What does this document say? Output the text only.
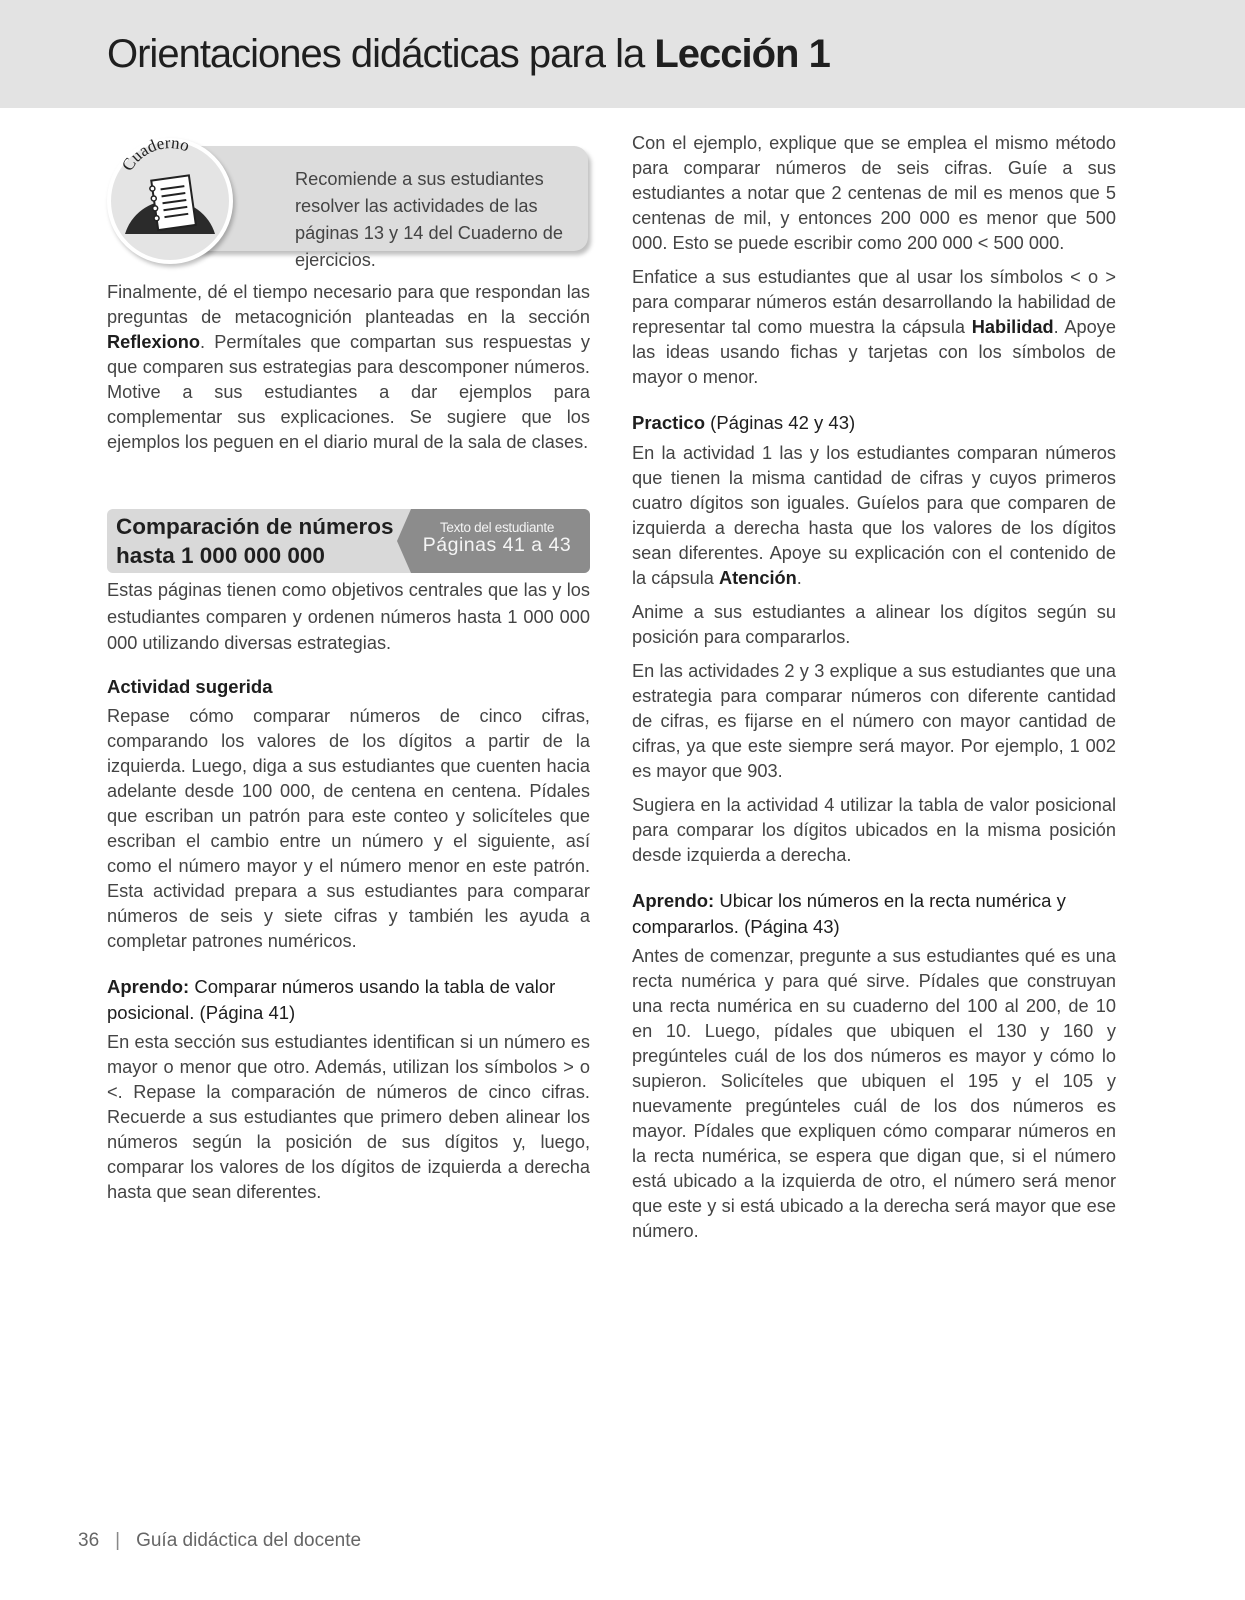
Orientaciones didácticas para la Lección 1
Cuaderno

Recomiende a sus estudiantes resolver las actividades de las páginas 13 y 14 del Cuaderno de ejercicios.

Finalmente, dé el tiempo necesario para que respondan las preguntas de metacognición planteadas en la sección Reflexiono. Permítales que compartan sus respuestas y que comparen sus estrategias para descomponer números. Motive a sus estudiantes a dar ejemplos para complementar sus explicaciones. Se sugiere que los ejemplos los peguen en el diario mural de la sala de clases.

Comparación de números hasta 1 000 000 000

Texto del estudiante
Páginas 41 a 43

Estas páginas tienen como objetivos centrales que las y los estudiantes comparen y ordenen números hasta 1 000 000 000 utilizando diversas estrategias.

Actividad sugerida

Repase cómo comparar números de cinco cifras, comparando los valores de los dígitos a partir de la izquierda. Luego, diga a sus estudiantes que cuenten hacia adelante desde 100 000, de centena en centena. Pídales que escriban un patrón para este conteo y solicíteles que escriban el cambio entre un número y el siguiente, así como el número mayor y el número menor en este patrón. Esta actividad prepara a sus estudiantes para comparar números de seis y siete cifras y también les ayuda a completar patrones numéricos.

Aprendo: Comparar números usando la tabla de valor posicional. (Página 41)

En esta sección sus estudiantes identifican si un número es mayor o menor que otro. Además, utilizan los símbolos > o <. Repase la comparación de números de cinco cifras. Recuerde a sus estudiantes que primero deben alinear los números según la posición de sus dígitos y, luego, comparar los valores de los dígitos de izquierda a derecha hasta que sean diferentes.

Con el ejemplo, explique que se emplea el mismo método para comparar números de seis cifras. Guíe a sus estudiantes a notar que 2 centenas de mil es menos que 5 centenas de mil, y entonces 200 000 es menor que 500 000. Esto se puede escribir como 200 000 < 500 000.

Enfatice a sus estudiantes que al usar los símbolos < o > para comparar números están desarrollando la habilidad de representar tal como muestra la cápsula Habilidad. Apoye las ideas usando fichas y tarjetas con los símbolos de mayor o menor.

Practico (Páginas 42 y 43)

En la actividad 1 las y los estudiantes comparan números que tienen la misma cantidad de cifras y cuyos primeros cuatro dígitos son iguales. Guíelos para que comparen de izquierda a derecha hasta que los valores de los dígitos sean diferentes. Apoye su explicación con el contenido de la cápsula Atención.

Anime a sus estudiantes a alinear los dígitos según su posición para compararlos.

En las actividades 2 y 3 explique a sus estudiantes que una estrategia para comparar números con diferente cantidad de cifras, es fijarse en el número con mayor cantidad de cifras, ya que este siempre será mayor. Por ejemplo, 1 002 es mayor que 903.

Sugiera en la actividad 4 utilizar la tabla de valor posicional para comparar los dígitos ubicados en la misma posición desde izquierda a derecha.

Aprendo: Ubicar los números en la recta numérica y compararlos. (Página 43)

Antes de comenzar, pregunte a sus estudiantes qué es una recta numérica y para qué sirve. Pídales que construyan una recta numérica en su cuaderno del 100 al 200, de 10 en 10. Luego, pídales que ubiquen el 130 y 160 y pregúnteles cuál de los dos números es mayor y cómo lo supieron. Solicíteles que ubiquen el 195 y el 105 y nuevamente pregúnteles cuál de los dos números es mayor. Pídales que expliquen cómo comparar números en la recta numérica, se espera que digan que, si el número está ubicado a la izquierda de otro, el número será menor que este y si está ubicado a la derecha será mayor que ese número.

36 | Guía didáctica del docente
